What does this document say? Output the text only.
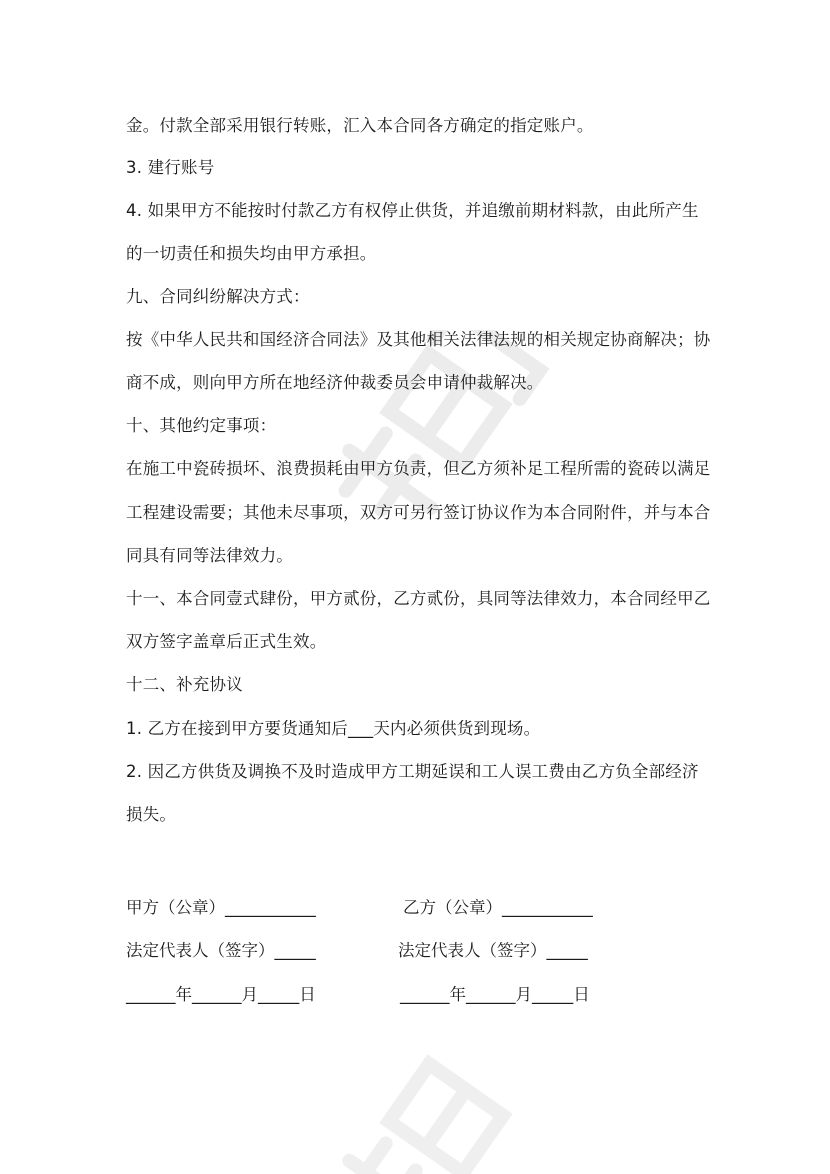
金。付款全部采用银行转账，汇入本合同各方确定的指定账户。
3. 建行账号
4. 如果甲方不能按时付款乙方有权停止供货，并追缴前期材料款，由此所产生
的一切责任和损失均由甲方承担。
九、合同纠纷解决方式：
按《中华人民共和国经济合同法》及其他相关法律法规的相关规定协商解决；协
商不成，则向甲方所在地经济仲裁委员会申请仲裁解决。
十、其他约定事项：
在施工中瓷砖损坏、浪费损耗由甲方负责，但乙方须补足工程所需的瓷砖以满足
工程建设需要；其他未尽事项，双方可另行签订协议作为本合同附件，并与本合
同具有同等法律效力。
十一、本合同壹式肆份，甲方贰份，乙方贰份，具同等法律效力，本合同经甲乙
双方签字盖章后正式生效。
十二、补充协议
1. 乙方在接到甲方要货通知后___天内必须供货到现场。
2. 因乙方供货及调换不及时造成甲方工期延误和工人误工费由乙方负全部经济
损失。
甲方（公章）___________	乙方（公章）___________
法定代表人（签字）_____	法定代表人（签字）_____
______年______月_____日	______年______月_____日
